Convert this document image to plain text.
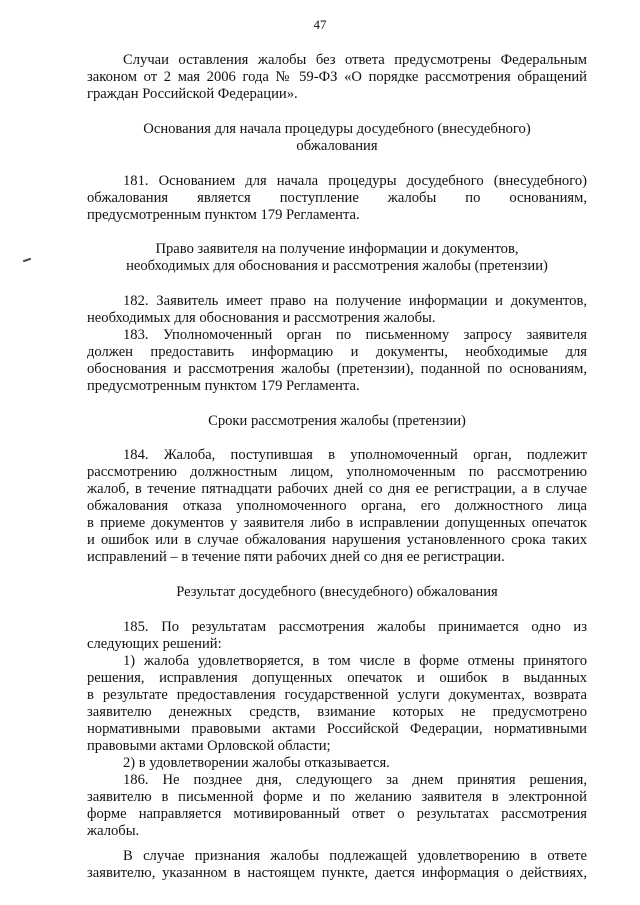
47
Случаи оставления жалобы без ответа предусмотрены Федеральным
законом от 2 мая 2006 года № 59-ФЗ «О порядке рассмотрения обращений
граждан Российской Федерации».
Основания для начала процедуры досудебного (внесудебного)
обжалования
181. Основанием для начала процедуры досудебного (внесудебного)
обжалования является поступление жалобы по основаниям,
предусмотренным пунктом 179 Регламента.
Право заявителя на получение информации и документов,
необходимых для обоснования и рассмотрения жалобы (претензии)
182. Заявитель имеет право на получение информации и документов,
необходимых для обоснования и рассмотрения жалобы.
183. Уполномоченный орган по письменному запросу заявителя
должен предоставить информацию и документы, необходимые для
обоснования и рассмотрения жалобы (претензии), поданной по основаниям,
предусмотренным пунктом 179 Регламента.
Сроки рассмотрения жалобы (претензии)
184. Жалоба, поступившая в уполномоченный орган, подлежит
рассмотрению должностным лицом, уполномоченным по рассмотрению
жалоб, в течение пятнадцати рабочих дней со дня ее регистрации, а в случае
обжалования отказа уполномоченного органа, его должностного лица
в приеме документов у заявителя либо в исправлении допущенных опечаток
и ошибок или в случае обжалования нарушения установленного срока таких
исправлений – в течение пяти рабочих дней со дня ее регистрации.
Результат досудебного (внесудебного) обжалования
185. По результатам рассмотрения жалобы принимается одно из
следующих решений:
1) жалоба удовлетворяется, в том числе в форме отмены принятого
решения, исправления допущенных опечаток и ошибок в выданных
в результате предоставления государственной услуги документах, возврата
заявителю денежных средств, взимание которых не предусмотрено
нормативными правовыми актами Российской Федерации, нормативными
правовыми актами Орловской области;
2) в удовлетворении жалобы отказывается.
186. Не позднее дня, следующего за днем принятия решения,
заявителю в письменной форме и по желанию заявителя в электронной
форме направляется мотивированный ответ о результатах рассмотрения
жалобы.
В случае признания жалобы подлежащей удовлетворению в ответе
заявителю, указанном в настоящем пункте, дается информация о действиях,
